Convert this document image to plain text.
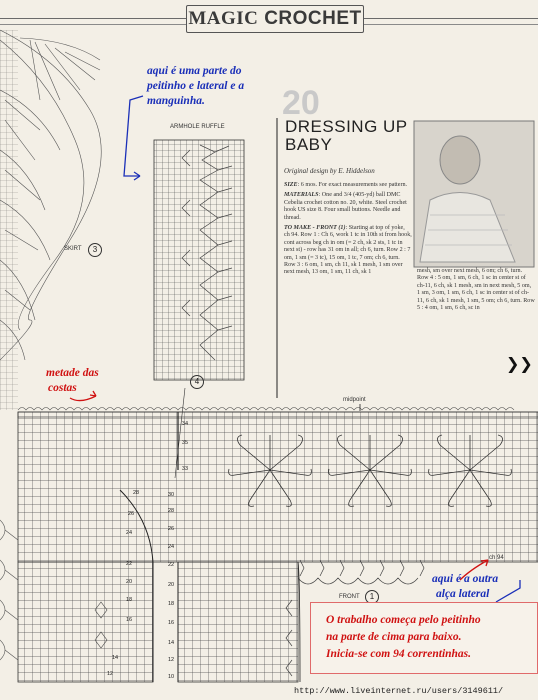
MAGIC CROCHET
20
DRESSING UP
BABY
Original design by E. Hiddelson

SIZE: 6 mos. For exact measurements see pattern.

MATERIALS: One and 3/4 (405-yd) ball DMC Cebelia crochet cotton no. 20, white. Steel crochet hook US size 8. Four small buttons. Needle and thread.

TO MAKE - FRONT (1): Starting at top of yoke, ch 94. Row 1 : Ch 6, work 1 tc in 10th st from hook, cont across beg ch in om (= 2 ch, sk 2 sts, 1 tc in next st) - row has 31 om in all; ch 6, turn. Row 2 : 7 om, 1 sm (= 3 tc), 15 om, 1 tc, 7 om; ch 6, turn. Row 3 : 6 om, 1 sm, ch 11, sk 1 mesh, 1 sm over next mesh, 13 om, 1 sm, 11 ch, sk 1	mesh, sm over next mesh, 6 om; ch 6, turn. Row 4 : 5 om, 1 sm, 6 ch, 1 sc in center st of ch-11, 6 ch, sk 1 mesh, sm in next mesh, 5 om, 1 sm, 3 om, 1 sm, 6 ch, 1 sc in center st of ch-11, 6 ch, sk 1 mesh, 1 sm, 5 om; ch 6, turn. Row 5 : 4 om, 1 sm, 6 ch, sc in
❯❯
ARMHOLE RUFFLE
SKIRT	3
4
midpoint
FRONT	1
ch 94
28
26
24
22
20
18
16
14
12
34
35
33
30
28
26
24
22
20
18
16
14
12
10
aqui é uma parte do
peitinho e lateral e a
manguinha.
metade das
costas
aqui é a outra
alça lateral
O trabalho começa pelo peitinho
na parte de cima para baixo.
Inicia-se com 94 correntinhas.
http://www.liveinternet.ru/users/3149611/
